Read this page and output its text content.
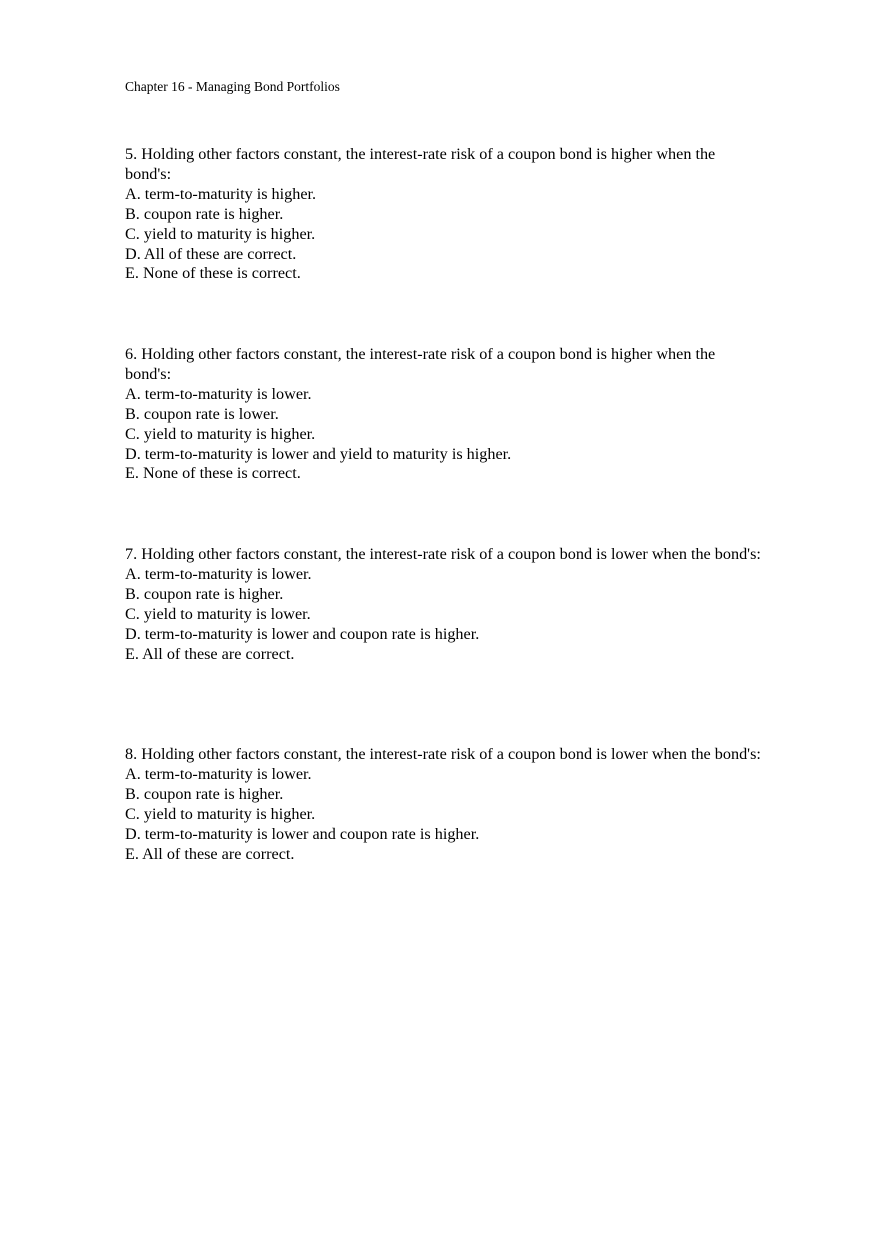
Chapter 16 - Managing Bond Portfolios
5. Holding other factors constant, the interest-rate risk of a coupon bond is higher when the bond's:
A. term-to-maturity is higher.
B. coupon rate is higher.
C. yield to maturity is higher.
D. All of these are correct.
E. None of these is correct.
6. Holding other factors constant, the interest-rate risk of a coupon bond is higher when the bond's:
A. term-to-maturity is lower.
B. coupon rate is lower.
C. yield to maturity is higher.
D. term-to-maturity is lower and yield to maturity is higher.
E. None of these is correct.
7. Holding other factors constant, the interest-rate risk of a coupon bond is lower when the bond's:
A. term-to-maturity is lower.
B. coupon rate is higher.
C. yield to maturity is lower.
D. term-to-maturity is lower and coupon rate is higher.
E. All of these are correct.
8. Holding other factors constant, the interest-rate risk of a coupon bond is lower when the bond's:
A. term-to-maturity is lower.
B. coupon rate is higher.
C. yield to maturity is higher.
D. term-to-maturity is lower and coupon rate is higher.
E. All of these are correct.
